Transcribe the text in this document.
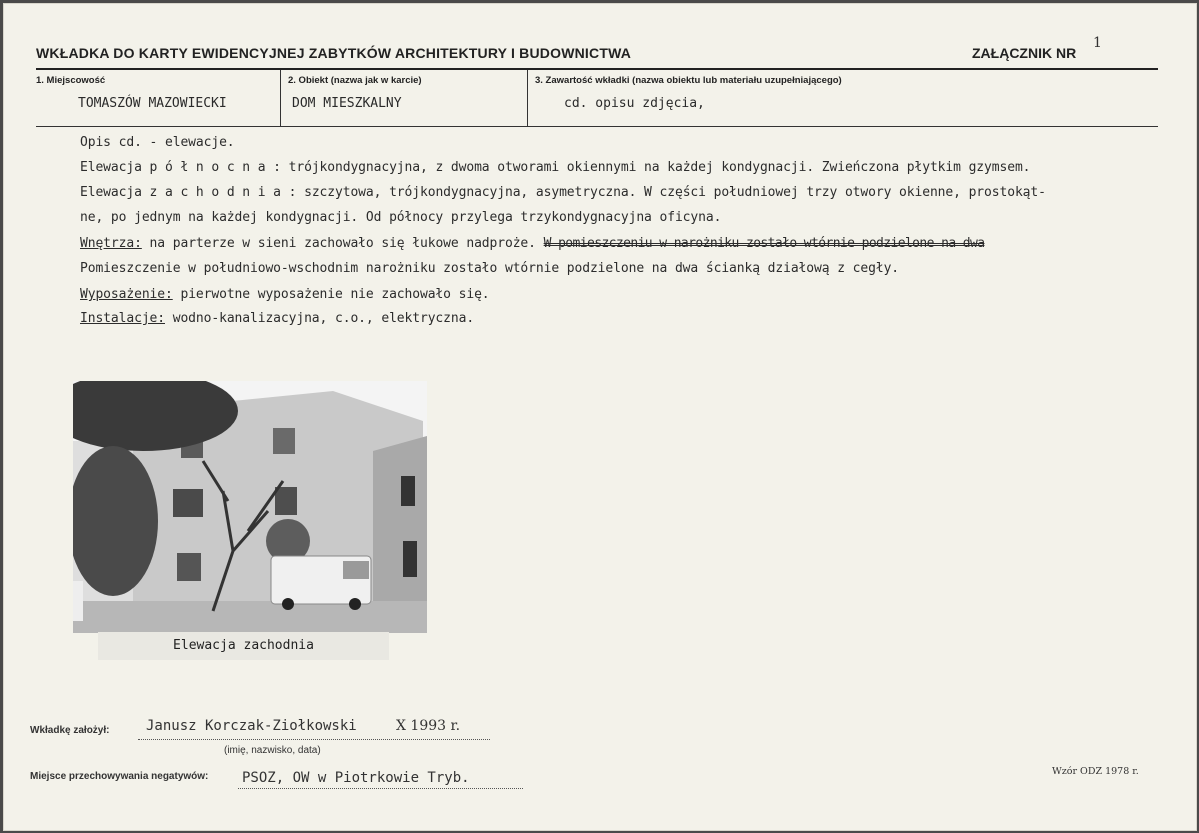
WKŁADKA DO KARTY EWIDENCYJNEJ ZABYTKÓW ARCHITEKTURY I BUDOWNICTWA	ZAŁĄCZNIK NR
1
1. Miejscowość
TOMASZÓW MAZOWIECKI
2. Obiekt (nazwa jak w karcie)
DOM MIESZKALNY
3. Zawartość wkładki (nazwa obiektu lub materiału uzupełniającego)
cd. opisu zdjęcia,
Opis cd. - elewacje.
Elewacja p ó ł n o c n a : trójkondygnacyjna, z dwoma otworami okiennymi na każdej kondygnacji. Zwieńczona płytkim gzymsem.
Elewacja z a c h o d n i a : szczytowa, trójkondygnacyjna, asymetryczna. W części południowej trzy otwory okienne, prostokąt-
ne, po jednym na każdej kondygnacji. Od północy przylega trzykondygnacyjna oficyna.
Wnętrza: na parterze w sieni zachowało się łukowe nadproże. W pomieszczeniu w narożniku zostało wtórnie podzielone na dwa
Pomieszczenie w południowo-wschodnim narożniku zostało wtórnie podzielone na dwa ścianką działową z cegły.
Wyposażenie: pierwotne wyposażenie nie zachowało się.
Instalacje: wodno-kanalizacyjna, c.o., elektryczna.
Elewacja zachodnia
Wkładkę założył:	Janusz Korczak-Ziołkowski	X 1993 r.
(imię, nazwisko, data)
Miejsce przechowywania negatywów: PSOZ, OW w Piotrkowie Tryb.	Wzór ODZ 1978 r.
